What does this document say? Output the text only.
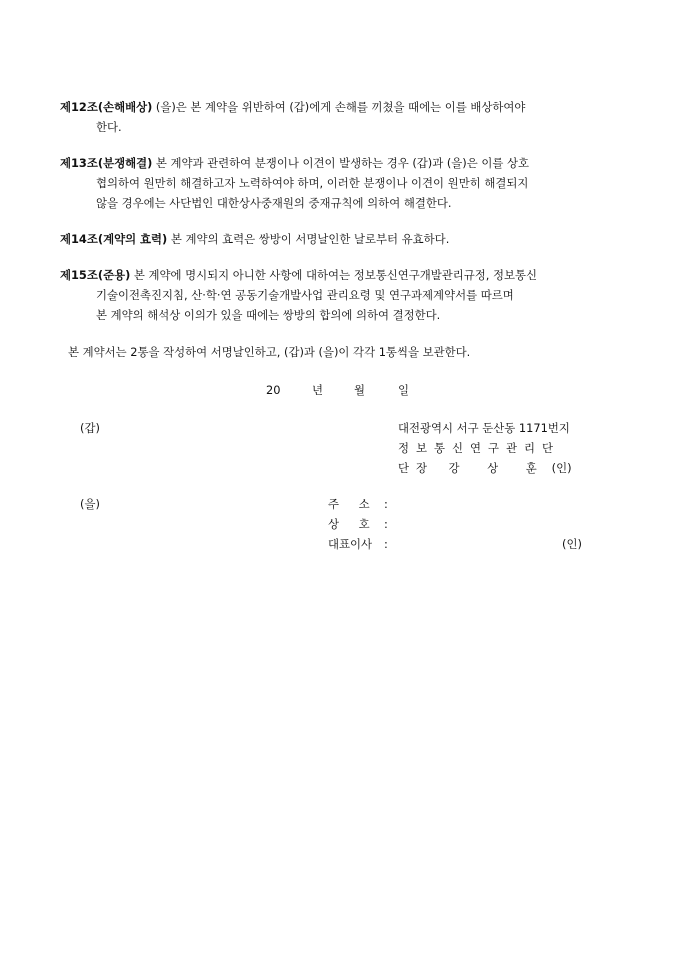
제12조(손해배상) (을)은 본 계약을 위반하여 (갑)에게 손해를 끼쳤을 때에는 이를 배상하여야
한다.
제13조(분쟁해결) 본 계약과 관련하여 분쟁이나 이견이 발생하는 경우 (갑)과 (을)은 이를 상호
협의하여 원만히 해결하고자 노력하여야 하며, 이러한 분쟁이나 이견이 원만히 해결되지
않을 경우에는 사단법인 대한상사중재원의 중재규칙에 의하여 해결한다.
제14조(계약의 효력) 본 계약의 효력은 쌍방이 서명날인한 날로부터 유효하다.
제15조(준용) 본 계약에 명시되지 아니한 사항에 대하여는 정보통신연구개발관리규정, 정보통신
기술이전촉진지침, 산·학·연 공동기술개발사업 관리요령 및 연구과제계약서를 따르며
본 계약의 해석상 이의가 있을 때에는 쌍방의 합의에 의하여 결정한다.
본 계약서는 2통을 작성하여 서명날인하고, (갑)과 (을)이 각각 1통씩을 보관한다.
20	년	월	일
(갑)	대전광역시 서구 둔산동 1171번지
정보통신연구관리단
단장 강 상 훈 (인)
(을)	주 소 :
상 호 :
대표이사 :	(인)
